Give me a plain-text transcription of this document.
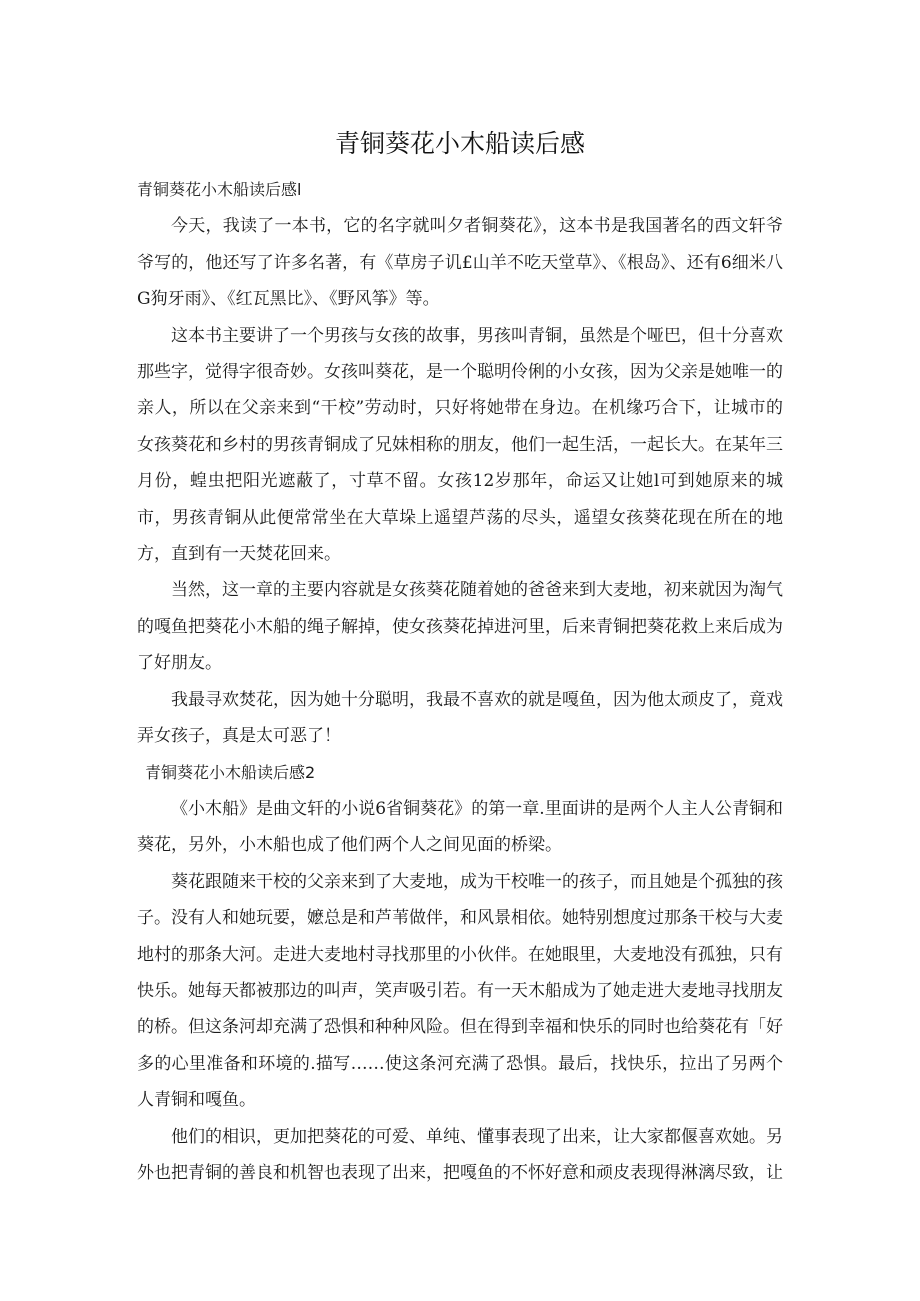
青铜葵花小木船读后感

青铜葵花小木船读后感l

今天，我读了一本书，它的名字就叫夕者铜葵花》，这本书是我国著名的西文轩爷爷写的，他还写了许多名著，有《草房子讥£山羊不吃天堂草》、《根岛》、还有6细米八G狗牙雨》、《红瓦黑比》、《野风筝》等。

这本书主要讲了一个男孩与女孩的故事，男孩叫青铜，虽然是个哑巴，但十分喜欢那些字，觉得字很奇妙。女孩叫葵花，是一个聪明伶俐的小女孩，因为父亲是她唯一的亲人，所以在父亲来到“干校”劳动时，只好将她带在身边。在机缘巧合下，让城市的女孩葵花和乡村的男孩青铜成了兄妹相称的朋友，他们一起生活，一起长大。在某年三月份，蝗虫把阳光遮蔽了，寸草不留。女孩12岁那年，命运又让她l可到她原来的城市，男孩青铜从此便常常坐在大草垛上遥望芦荡的尽头，遥望女孩葵花现在所在的地方，直到有一天焚花回来。

当然，这一章的主要内容就是女孩葵花随着她的爸爸来到大麦地，初来就因为淘气的嘎鱼把葵花小木船的绳子解掉，使女孩葵花掉进河里，后来青铜把葵花救上来后成为了好朋友。

我最寻欢焚花，因为她十分聪明，我最不喜欢的就是嘎鱼，因为他太顽皮了，竟戏弄女孩子，真是太可恶了！

青铜葵花小木船读后感2

《小木船》是曲文轩的小说6省铜葵花》的第一章.里面讲的是两个人主人公青铜和葵花，另外，小木船也成了他们两个人之间见面的桥梁。

葵花跟随来干校的父亲来到了大麦地，成为干校唯一的孩子，而且她是个孤独的孩子。没有人和她玩要，嬷总是和芦苇做伴，和风景相依。她特别想度过那条干校与大麦地村的那条大河。走进大麦地村寻找那里的小伙伴。在她眼里，大麦地没有孤独，只有快乐。她每天都被那边的叫声，笑声吸引若。有一天木船成为了她走进大麦地寻找朋友的桥。但这条河却充满了恐惧和种种风险。但在得到幸福和快乐的同时也给葵花有「好多的心里准备和环境的.描写……使这条河充满了恐惧。最后，找快乐，拉出了另两个人青铜和嘎鱼。

他们的相识，更加把葵花的可爱、单纯、懂事表现了出来，让大家都偃喜欢她。另外也把青铜的善良和机智也表现了出来，把嘎鱼的不怀好意和顽皮表现得淋漓尽致，让
